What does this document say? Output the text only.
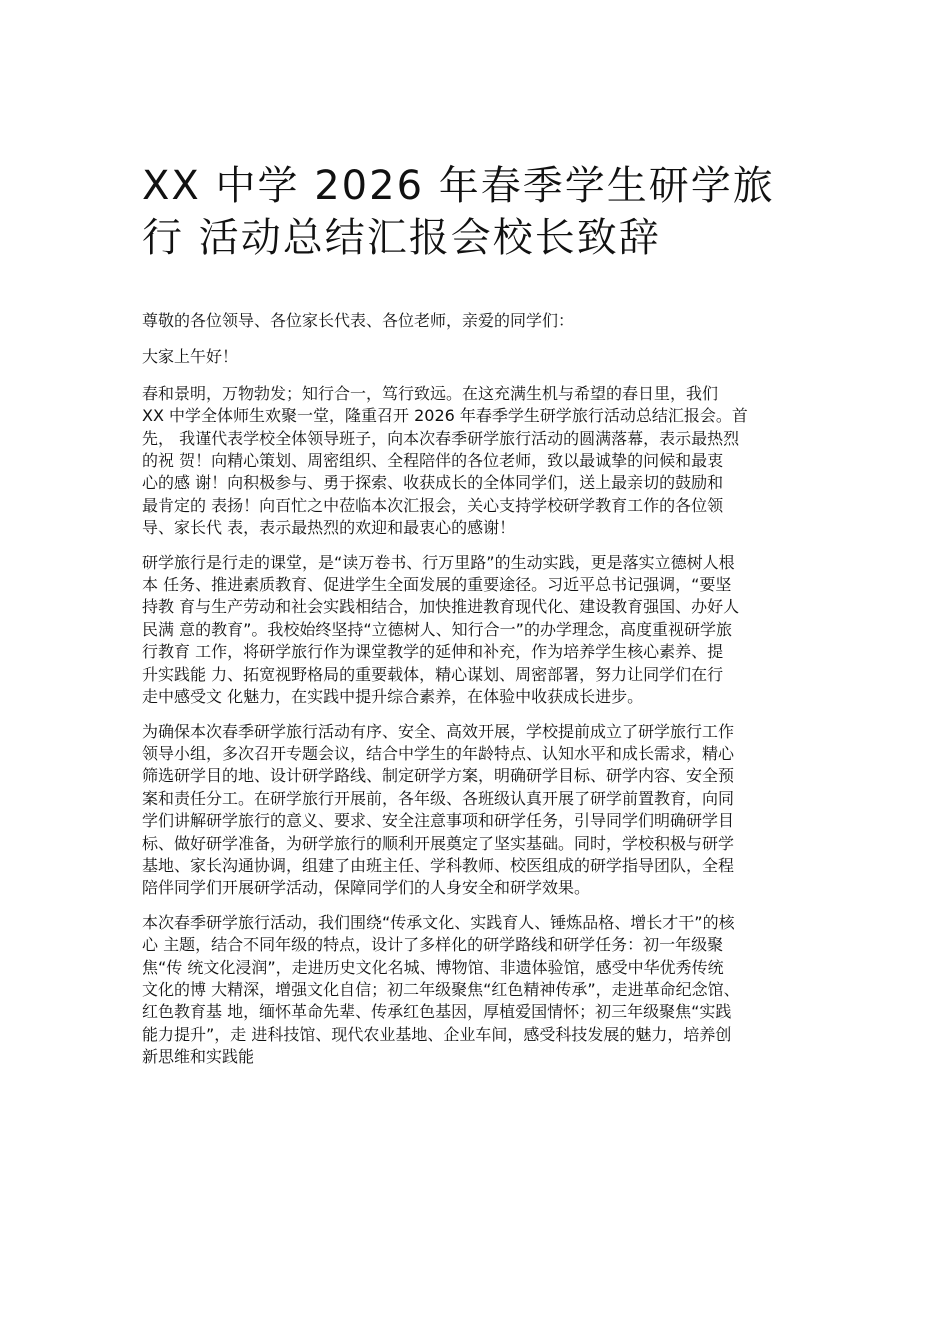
XX 中学 2026 年春季学生研学旅
行 活动总结汇报会校长致辞

尊敬的各位领导、各位家长代表、各位老师，亲爱的同学们：

大家上午好！

春和景明，万物勃发；知行合一，笃行致远。在这充满生机与希望的春日里，我们
XX 中学全体师生欢聚一堂，隆重召开 2026 年春季学生研学旅行活动总结汇报会。首
先， 我谨代表学校全体领导班子，向本次春季研学旅行活动的圆满落幕，表示最热烈
的祝 贺！向精心策划、周密组织、全程陪伴的各位老师，致以最诚挚的问候和最衷
心的感 谢！向积极参与、勇于探索、收获成长的全体同学们，送上最亲切的鼓励和
最肯定的 表扬！向百忙之中莅临本次汇报会，关心支持学校研学教育工作的各位领
导、家长代 表，表示最热烈的欢迎和最衷心的感谢！

研学旅行是行走的课堂，是“读万卷书、行万里路”的生动实践，更是落实立德树人根
本 任务、推进素质教育、促进学生全面发展的重要途径。习近平总书记强调，“要坚
持教 育与生产劳动和社会实践相结合，加快推进教育现代化、建设教育强国、办好人
民满 意的教育”。我校始终坚持“立德树人、知行合一”的办学理念，高度重视研学旅
行教育 工作，将研学旅行作为课堂教学的延伸和补充，作为培养学生核心素养、提
升实践能 力、拓宽视野格局的重要载体，精心谋划、周密部署，努力让同学们在行
走中感受文 化魅力，在实践中提升综合素养，在体验中收获成长进步。

为确保本次春季研学旅行活动有序、安全、高效开展，学校提前成立了研学旅行工作
领导小组，多次召开专题会议，结合中学生的年龄特点、认知水平和成长需求，精心
筛选研学目的地、设计研学路线、制定研学方案，明确研学目标、研学内容、安全预
案和责任分工。在研学旅行开展前，各年级、各班级认真开展了研学前置教育，向同
学们讲解研学旅行的意义、要求、安全注意事项和研学任务，引导同学们明确研学目
标、做好研学准备，为研学旅行的顺利开展奠定了坚实基础。同时，学校积极与研学
基地、家长沟通协调，组建了由班主任、学科教师、校医组成的研学指导团队，全程
陪伴同学们开展研学活动，保障同学们的人身安全和研学效果。

本次春季研学旅行活动，我们围绕“传承文化、实践育人、锤炼品格、增长才干”的核
心 主题，结合不同年级的特点，设计了多样化的研学路线和研学任务：初一年级聚
焦“传 统文化浸润”，走进历史文化名城、博物馆、非遗体验馆，感受中华优秀传统
文化的博 大精深，增强文化自信；初二年级聚焦“红色精神传承”，走进革命纪念馆、
红色教育基 地，缅怀革命先辈、传承红色基因，厚植爱国情怀；初三年级聚焦“实践
能力提升”，走 进科技馆、现代农业基地、企业车间，感受科技发展的魅力，培养创
新思维和实践能
